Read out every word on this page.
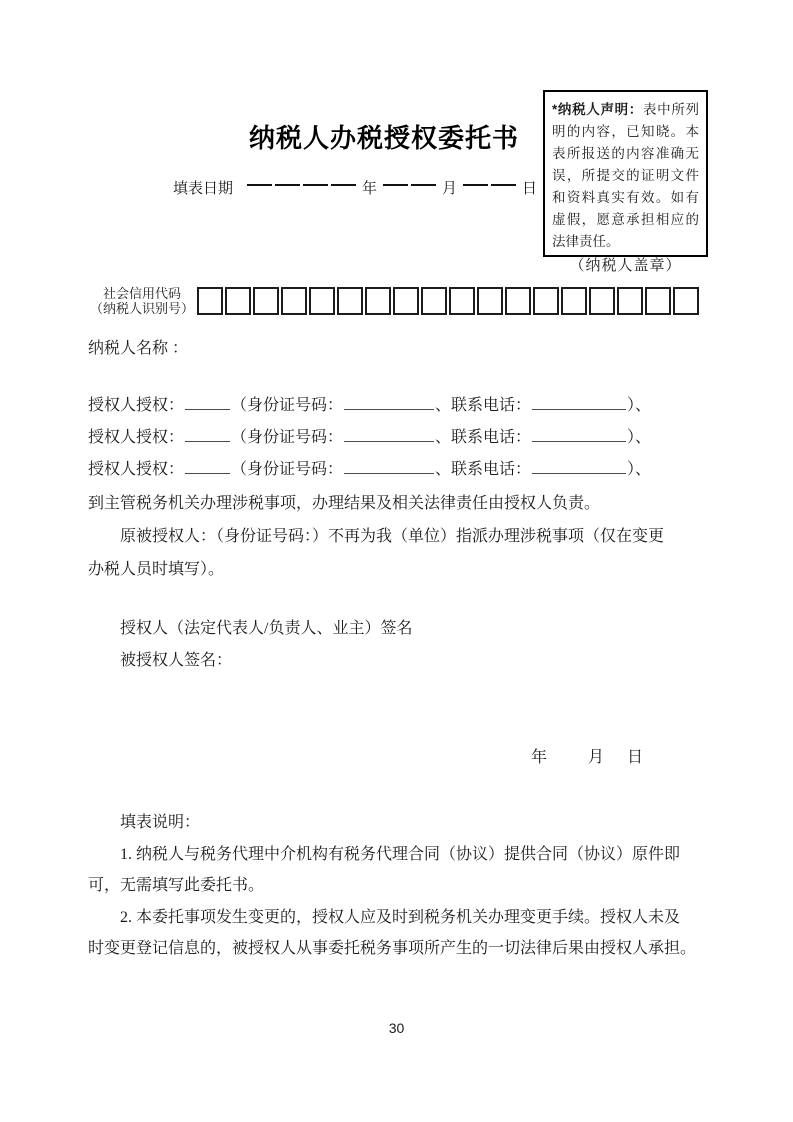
*纳税人声明：表中所列明的内容，已知晓。本表所报送的内容准确无误，所提交的证明文件和资料真实有效。如有虚假，愿意承担相应的法律责任。
（纳税人盖章）
纳税人办税授权委托书
填表日期	年	月	日
社会信用代码
（纳税人识别号）
纳税人名称 ：
授权人授权：	（身份证号码：	、联系电话：	）、
授权人授权：	（身份证号码：	、联系电话：	）、
授权人授权：	（身份证号码：	、联系电话：	）、
到主管税务机关办理涉税事项，办理结果及相关法律责任由授权人负责。
原被授权人：（身份证号码：）不再为我（单位）指派办理涉税事项（仅在变更
办税人员时填写）。
授权人（法定代表人/负责人、业主）签名
被授权人签名：
年	月 日
填表说明：
1. 纳税人与税务代理中介机构有税务代理合同（协议）提供合同（协议）原件即
可，无需填写此委托书。
2. 本委托事项发生变更的，授权人应及时到税务机关办理变更手续。授权人未及
时变更登记信息的，被授权人从事委托税务事项所产生的一切法律后果由授权人承担。
30
